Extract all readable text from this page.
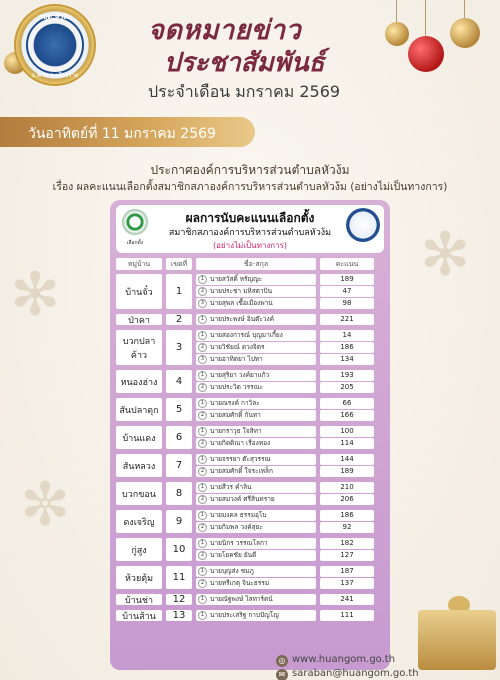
✻
✻
✼
อบต.หัวง้ม
อ.พาน จ.เชียงราย
จดหมายข่าว
ประชาสัมพันธ์
ประจำเดือน มกราคม 2569
วันอาทิตย์ที่ 11 มกราคม 2569
ประกาศองค์การบริหารส่วนตำบลหัวง้ม
เรื่อง ผลคะแนนเลือกตั้งสมาชิกสภาองค์การบริหารส่วนตำบลหัวง้ม (อย่างไม่เป็นทางการ)
เลือกตั้ง
ผลการนับคะแนนเลือกตั้ง
สมาชิกสภาองค์การบริหารส่วนตำบลหัวง้ม
(อย่างไม่เป็นทางการ)
หมู่บ้าน	เขตที่	ชื่อ-สกุล	คะแนน
บ้านจั๋ว	1
1 นายสวัสดิ์ หรัญญะ	189
2 นายประชา มหิสตาบิน	47
3 นายสุพล เชื้อเมืองพาน	98
ป่าคา	2	1 นายประพงษ์ อินต๊ะวงค์	221
บวกปลาค้าว
3
1 นายสองการณ์ บุญมาเกี้ยง	14
2 นายวิชัยณ์ ดวงจิตร	186
3 นายอาทิตยา ไปทา	134
หนองฮ่าง	4
1 นายสุริยา วงค์ยาแก้ว	193
2 นายประวิต วรรณะ	205
สันปลาดุก	5
1 นายณรงค์ กาวิละ	66
2 นายสมศักดิ์ กันทา	166
บ้านแดง	6
1 นายกราวุธ ใจสิทา	100
2 นายกิตติณา เรืองทอง	114
สันหลวง	7
1 นายจรรยา ต๊ะสุวรรณ	144
2 นายสมศักดิ์ ใจระเหล็ก	189
บวกขอน	8
1 นายสีวร คำลิน	210
2 นายสมวงค์ ศรีสินทราย	206
ดงเจริญ	9
1 นายมงคล ธรรมอุโบ	186
2 นายกิมพล วงค์สุยะ	92
กู่สูง	10
1 นายนิกร วรรณโลกา	182
2 นายโยคชัย ยันดี	127
ห้วยตุ้ม	11
1 นายบุญส่ง ชมภู	187
2 นายทรีเกตุ จินะธรรม	137
บ้านช่า	12	1 นายณัฐพงษ์ ไสทาร์ตน์	241
บ้านส้าน	13	1 นายประเสริฐ กาบปัญโญ	111
◎ www.huangom.go.th
✉ saraban@huangom.go.th
